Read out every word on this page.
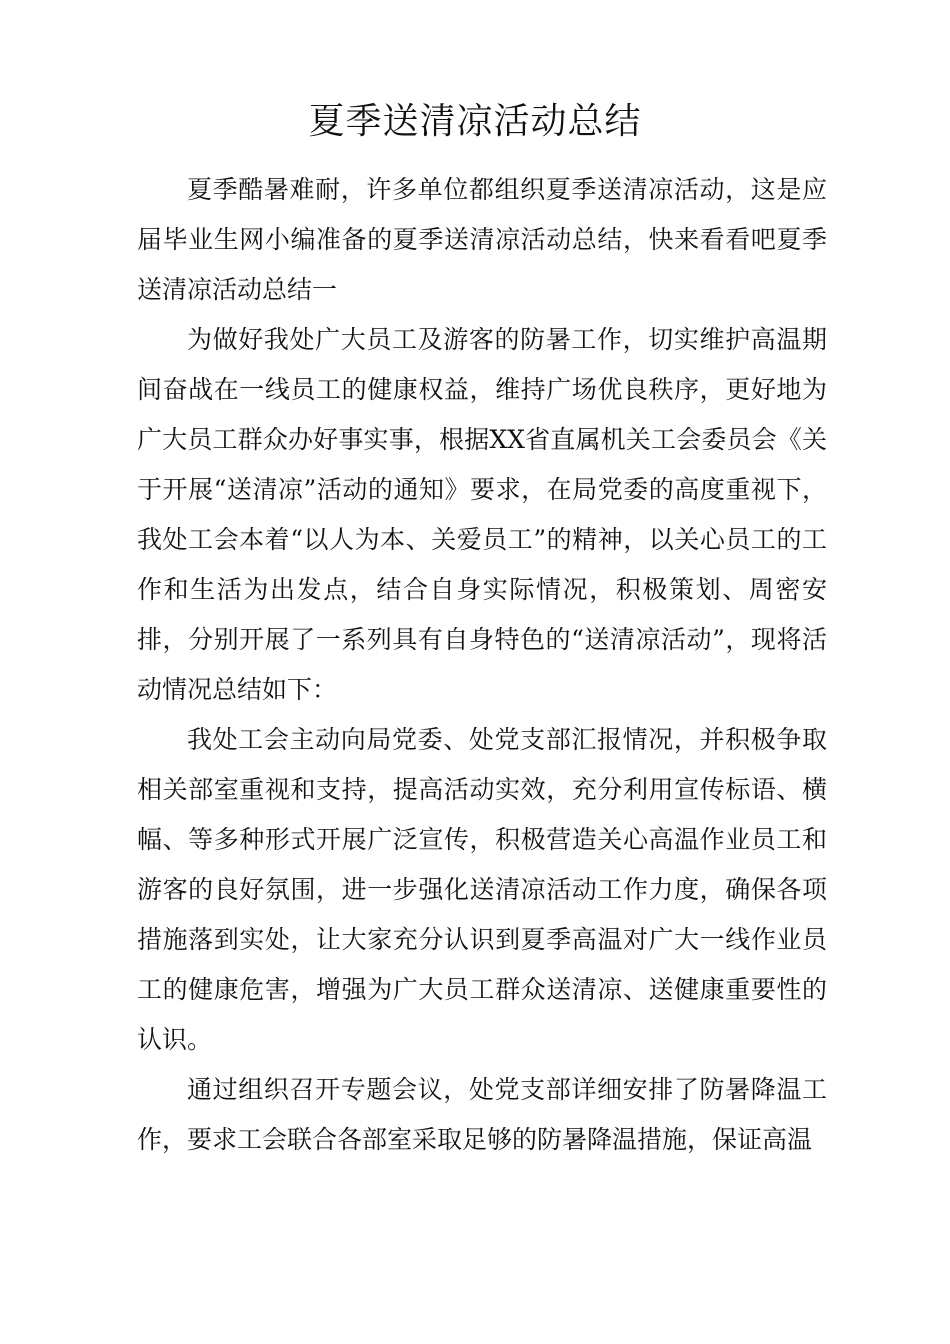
夏季送清凉活动总结

夏季酷暑难耐，许多单位都组织夏季送清凉活动，这是应届毕业生网小编准备的夏季送清凉活动总结，快来看看吧夏季送清凉活动总结一

为做好我处广大员工及游客的防暑工作，切实维护高温期间奋战在一线员工的健康权益，维持广场优良秩序，更好地为广大员工群众办好事实事，根据XX省直属机关工会委员会《关于开展“送清凉”活动的通知》要求，在局党委的高度重视下，我处工会本着“以人为本、关爱员工”的精神，以关心员工的工作和生活为出发点，结合自身实际情况，积极策划、周密安排，分别开展了一系列具有自身特色的“送清凉活动”，现将活动情况总结如下：

我处工会主动向局党委、处党支部汇报情况，并积极争取相关部室重视和支持，提高活动实效，充分利用宣传标语、横幅、等多种形式开展广泛宣传，积极营造关心高温作业员工和游客的良好氛围，进一步强化送清凉活动工作力度，确保各项措施落到实处，让大家充分认识到夏季高温对广大一线作业员工的健康危害，增强为广大员工群众送清凉、送健康重要性的认识。

通过组织召开专题会议，处党支部详细安排了防暑降温工作，要求工会联合各部室采取足够的防暑降温措施，保证高温
